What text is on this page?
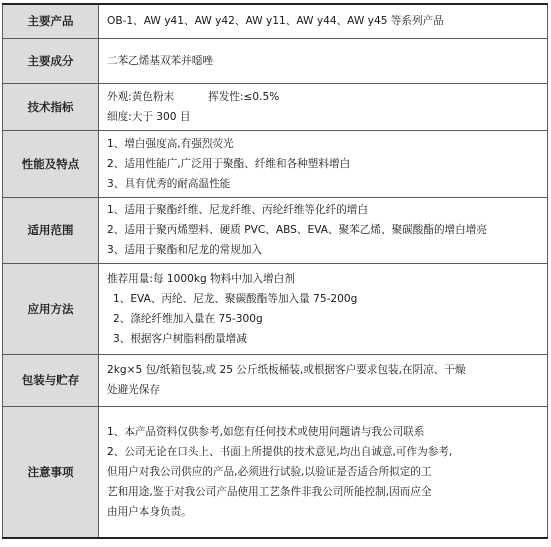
主要产品	OB-1、AW y41、AW y42、AW y11、AW y44、AW y45 等系列产品

主要成分	二苯乙烯基双苯并噁唑

技术指标	外观:黄色粉末 挥发性:≤0.5%
细度:大于 300 目

性能及特点	1、增白强度高,有强烈荧光
2、适用性能广,广泛用于聚酯、纤维和各种塑料增白
3、具有优秀的耐高温性能

适用范围	1、适用于聚酯纤维、尼龙纤维、丙纶纤维等化纤的增白
2、适用于聚丙烯塑料、硬质 PVC、ABS、EVA、聚苯乙烯、聚碳酸酯的增白增亮
3、适用于聚酯和尼龙的常规加入

应用方法	推荐用量:每 1000kg 物料中加入增白剂
1、EVA、丙纶、尼龙、聚碳酸酯等加入量 75-200g
2、涤纶纤维加入量在 75-300g
3、根据客户树脂料酌量增减

包装与贮存	2kg×5 包/纸箱包装,或 25 公斤纸板桶装,或根据客户要求包装,在阴凉、干燥
处避光保存

注意事项	1、本产品资料仅供参考,如您有任何技术或使用问题请与我公司联系
2、公司无论在口头上、书面上所提供的技术意见,均出自诚意,可作为参考,
但用户对我公司供应的产品,必须进行试验,以验证是否适合所拟定的工
艺和用途,鉴于对我公司产品使用工艺条件非我公司所能控制,因而应全
由用户本身负责。
